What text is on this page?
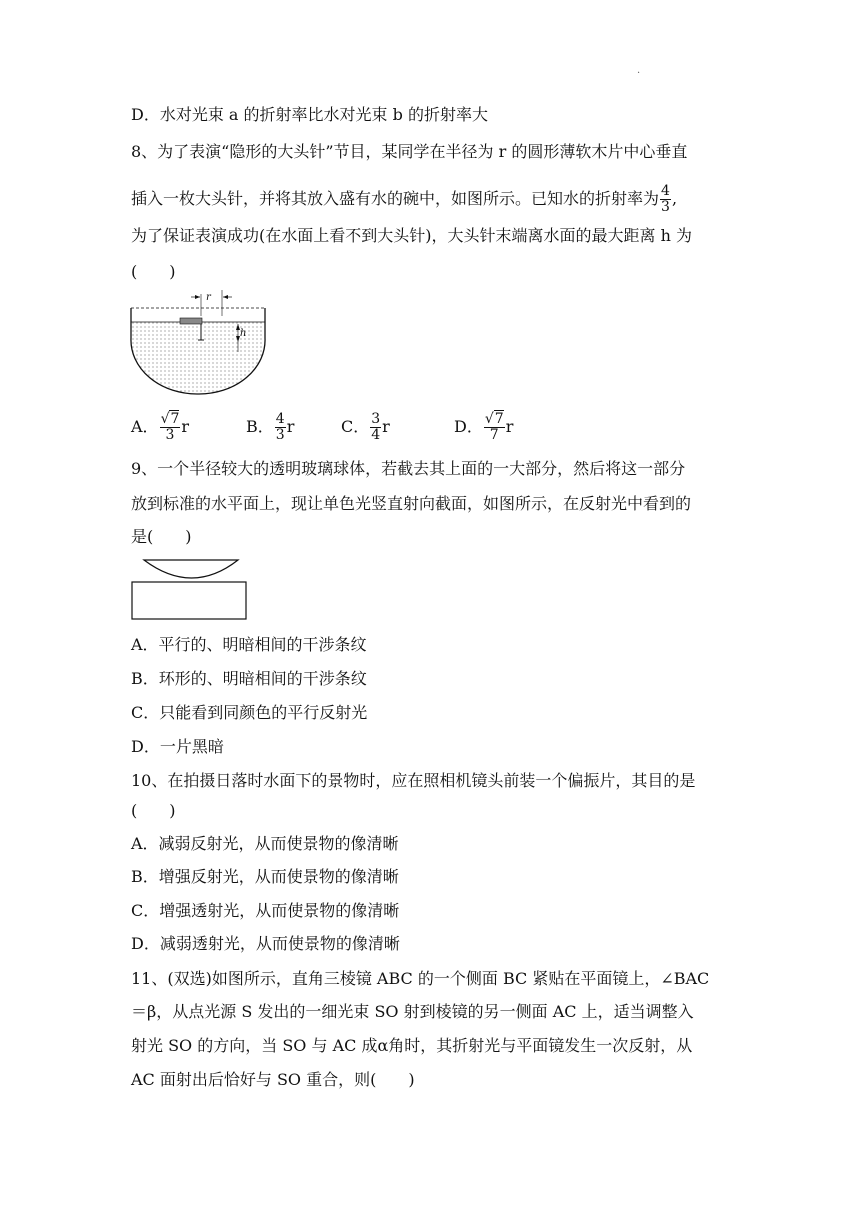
·
D．水对光束 a 的折射率比水对光束 b 的折射率大
8、为了表演“隐形的大头针”节目，某同学在半径为 r 的圆形薄软木片中心垂直
插入一枚大头针，并将其放入盛有水的碗中，如图所示。已知水的折射率为 $\frac{4}{3}$ ,
为了保证表演成功(在水面上看不到大头针)，大头针末端离水面的最大距离 h 为
(　　)
r
h
A． $\frac{√7}{3}$ r	B． $\frac{4}{3}$ r	C． $\frac{3}{4}$ r	D． $\frac{√7}{7}$ r
9、一个半径较大的透明玻璃球体，若截去其上面的一大部分，然后将这一部分
放到标准的水平面上，现让单色光竖直射向截面，如图所示，在反射光中看到的
是(　　)
A．平行的、明暗相间的干涉条纹
B．环形的、明暗相间的干涉条纹
C．只能看到同颜色的平行反射光
D．一片黑暗
10、在拍摄日落时水面下的景物时，应在照相机镜头前装一个偏振片，其目的是
(　　)
A．减弱反射光，从而使景物的像清晰
B．增强反射光，从而使景物的像清晰
C．增强透射光，从而使景物的像清晰
D．减弱透射光，从而使景物的像清晰
11、(双选)如图所示，直角三棱镜 ABC 的一个侧面 BC 紧贴在平面镜上，∠BAC
＝β，从点光源 S 发出的一细光束 SO 射到棱镜的另一侧面 AC 上，适当调整入
射光 SO 的方向，当 SO 与 AC 成α角时，其折射光与平面镜发生一次反射，从
AC 面射出后恰好与 SO 重合，则(　　)
